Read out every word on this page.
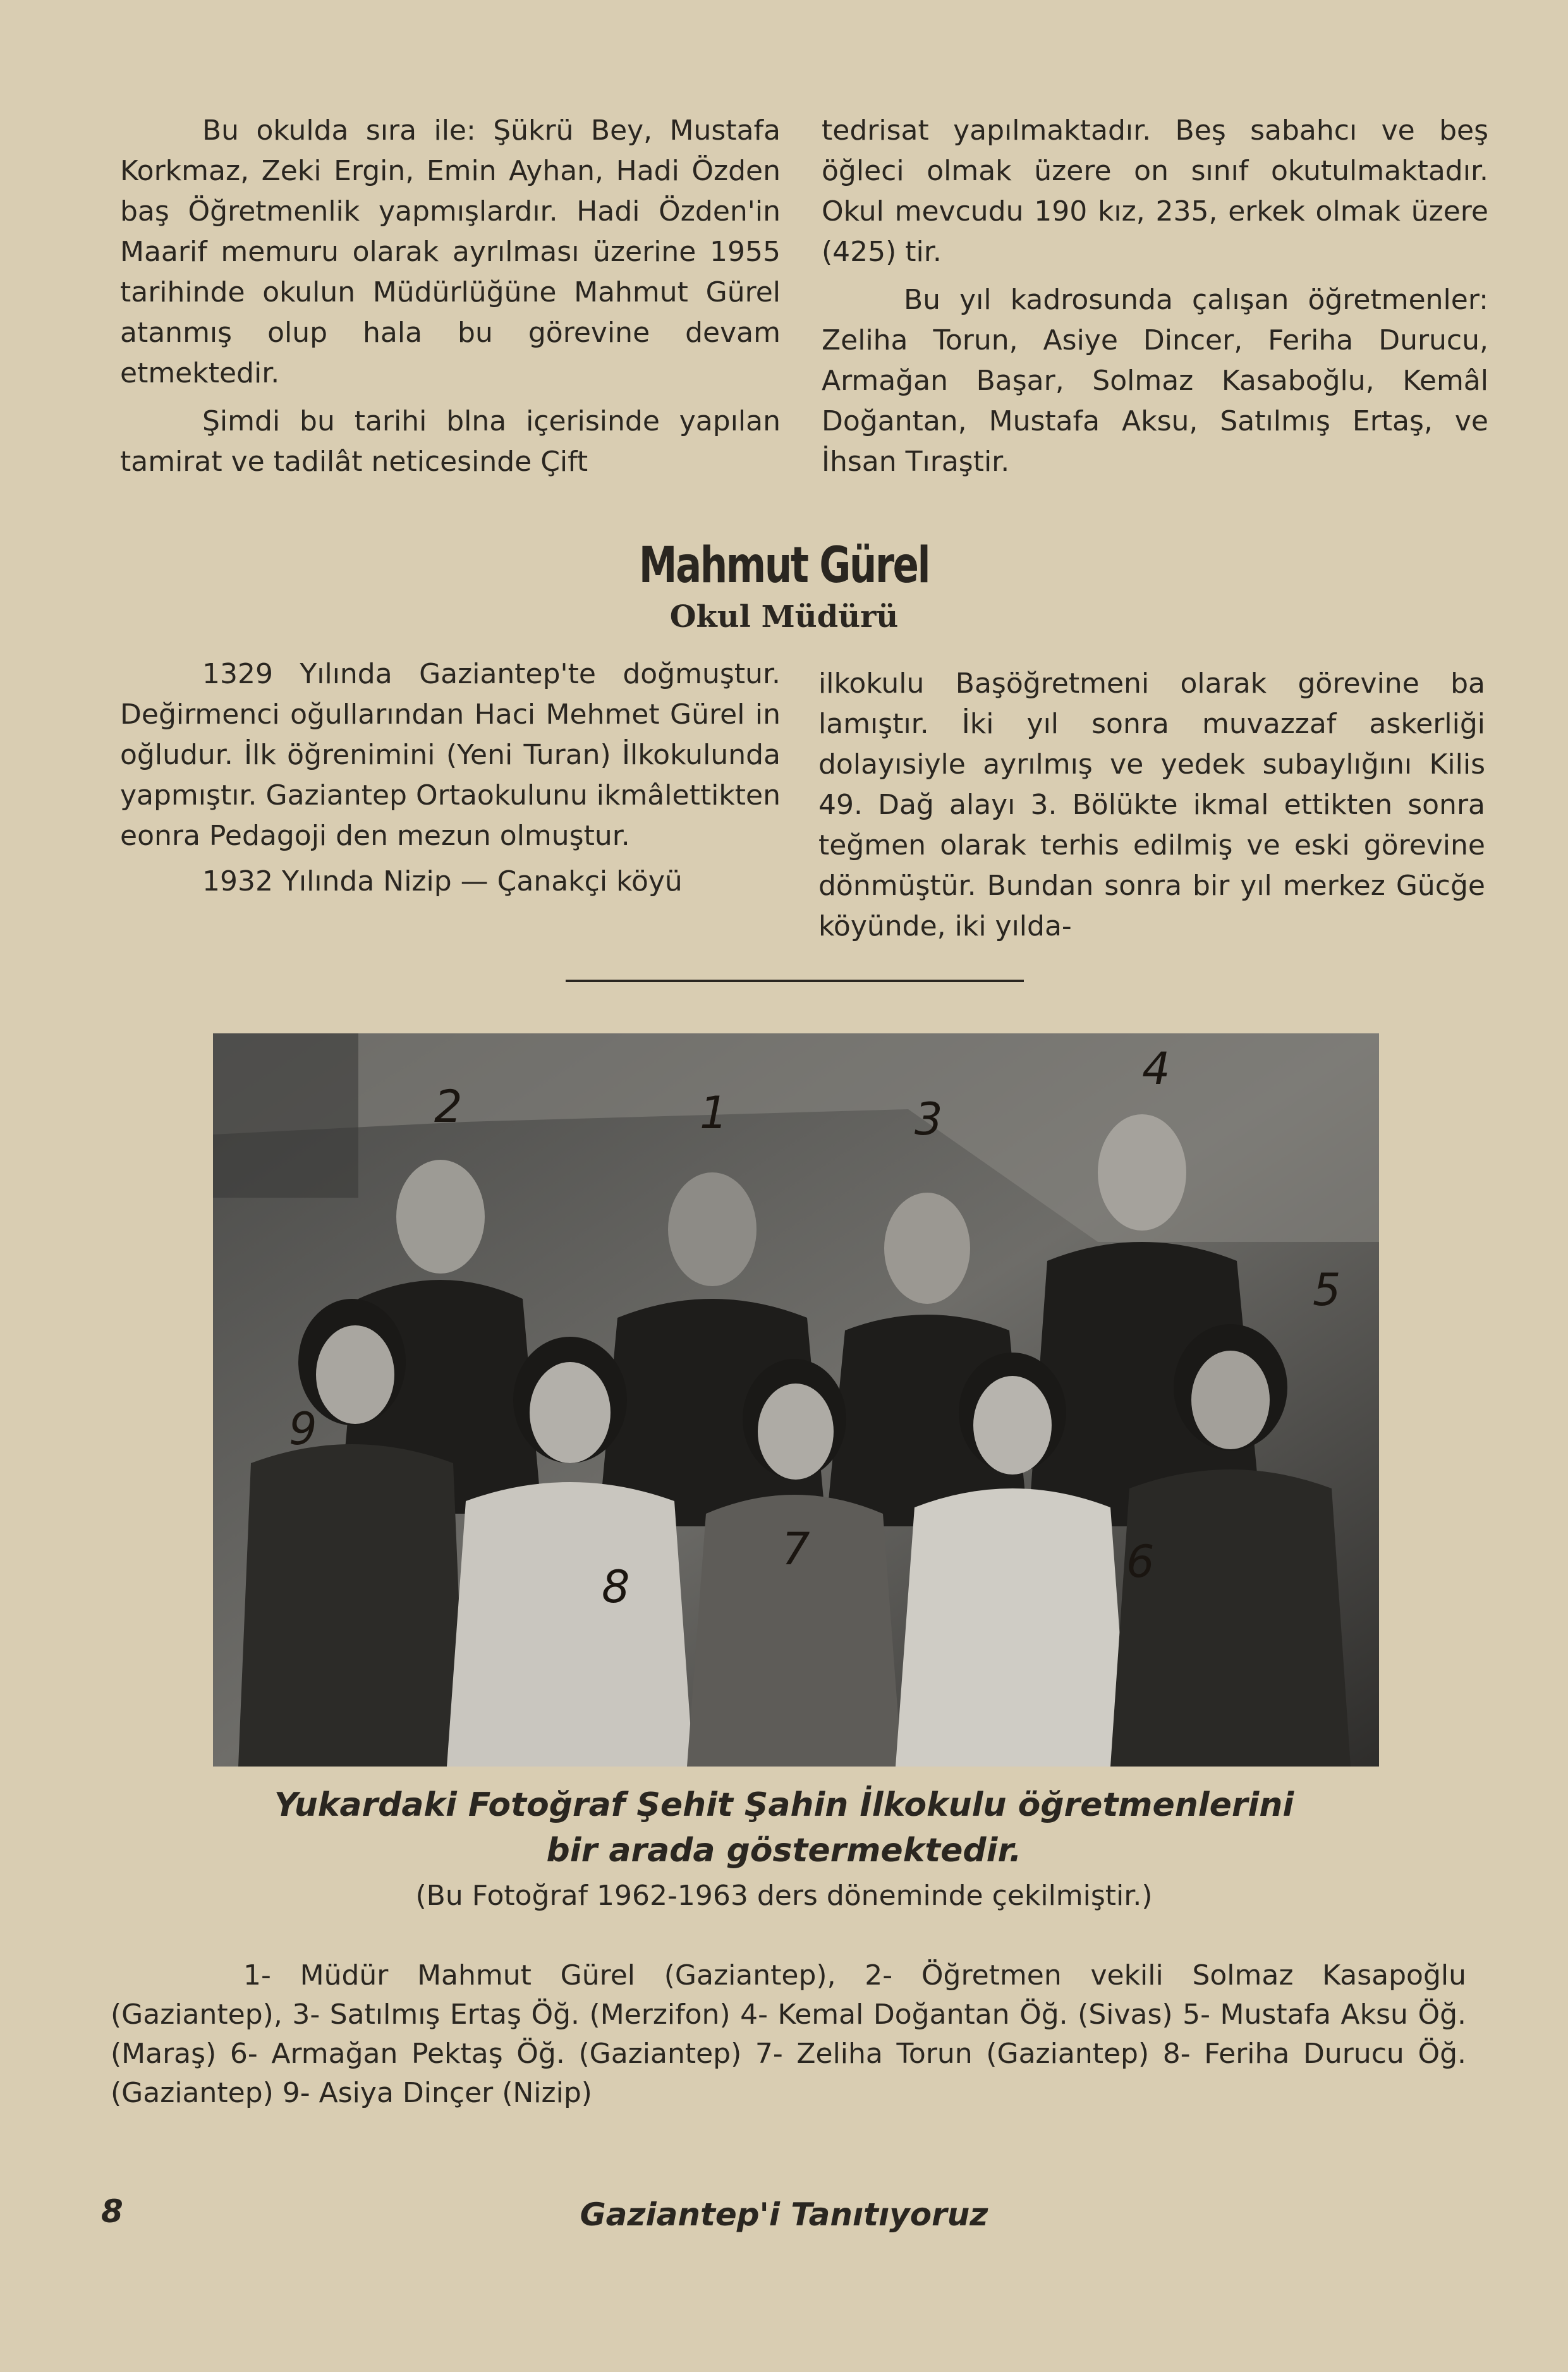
Bu okulda sıra ile: Şükrü Bey, Mustafa Korkmaz, Zeki Ergin, Emin Ayhan, Hadi Özden baş Öğretmenlik yapmışlardır. Hadi Özden'in Maarif memuru olarak ayrılması üzerine 1955 tarihinde okulun Müdürlüğüne Mahmut Gürel atanmış olup hala bu görevine devam etmektedir.

Şimdi bu tarihi blna içerisinde yapılan tamirat ve tadilât neticesinde Çift

tedrisat yapılmaktadır. Beş sabahcı ve beş öğleci olmak üzere on sınıf okutulmaktadır. Okul mevcudu 190 kız, 235, erkek olmak üzere (425) tir.

Bu yıl kadrosunda çalışan öğretmenler: Zeliha Torun, Asiye Dincer, Feriha Durucu, Armağan Başar, Solmaz Kasaboğlu, Kemâl Doğantan, Mustafa Aksu, Satılmış Ertaş, ve İhsan Tıraştir.

Mahmut Gürel
Okul Müdürü

1329 Yılında Gaziantep'te doğmuştur. Değirmenci oğullarından Haci Mehmet Gürel in oğludur. İlk öğrenimini (Yeni Turan) İlkokulunda yapmıştır. Gaziantep Ortaokulunu ikmâlettikten eonra Pedagoji den mezun olmuştur.

1932 Yılında Nizip — Çanakçi köyü

ilkokulu Başöğretmeni olarak görevine ba lamıştır. İki yıl sonra muvazzaf askerliği dolayısiyle ayrılmış ve yedek subaylığını Kilis 49. Dağ alayı 3. Bölükte ikmal ettikten sonra teğmen olarak terhis edilmiş ve eski görevine dönmüştür. Bundan sonra bir yıl merkez Gücğe köyünde, iki yılda-

2	1	3
4
5
6
7
8
9
Yukardaki Fotoğraf Şehit Şahin İlkokulu öğretmenlerini
bir arada göstermektedir.
(Bu Fotoğraf 1962-1963 ders döneminde çekilmiştir.)
1- Müdür Mahmut Gürel (Gaziantep), 2- Öğretmen vekili Solmaz Kasapoğlu (Gaziantep), 3- Satılmış Ertaş Öğ. (Merzifon) 4- Kemal Doğantan Öğ. (Sivas) 5- Mustafa Aksu Öğ. (Maraş) 6- Armağan Pektaş Öğ. (Gaziantep) 7- Zeliha Torun (Gaziantep) 8- Feriha Durucu Öğ. (Gaziantep) 9- Asiya Dinçer (Nizip)
8	Gaziantep'i Tanıtıyoruz
